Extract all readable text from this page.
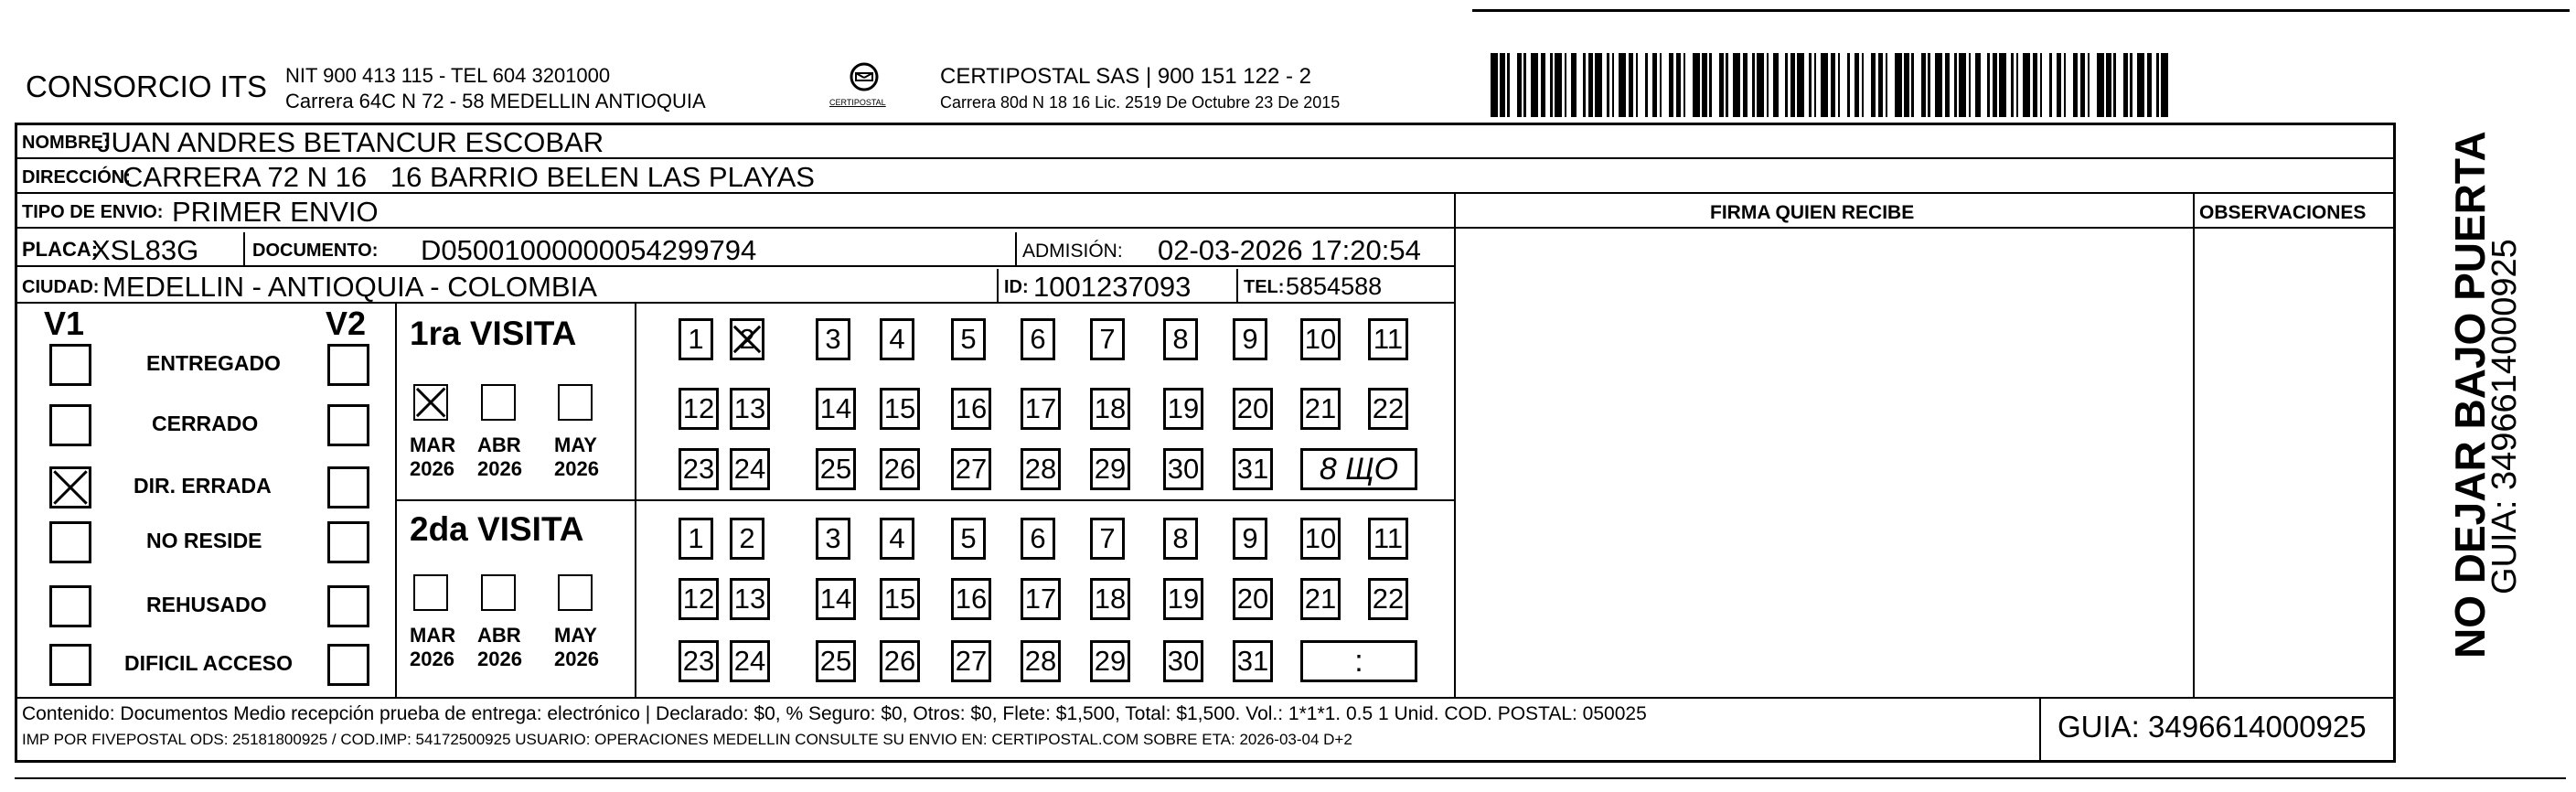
CONSORCIO ITS NIT 900 413 115 - TEL 604 3201000
Carrera 64C N 72 - 58 MEDELLIN ANTIOQUIA	CERTIPOSTAL
CERTIPOSTAL SAS | 900 151 122 - 2
Carrera 80d N 18 16 Lic. 2519 De Octubre 23 De 2015
NOMBRE:
JUAN ANDRES BETANCUR ESCOBAR
DIRECCIÓN:
CARRERA 72 N 16   16 BARRIO BELEN LAS PLAYAS
TIPO DE ENVIO: PRIMER ENVIO	FIRMA QUIEN RECIBE	OBSERVACIONES
PLACA:
XSL83G	DOCUMENTO: D05001000000054299794	ADMISIÓN: 02-03-2026 17:20:54
CIUDAD: MEDELLIN - ANTIOQUIA - COLOMBIA	ID: 1001237093	TEL: 5854588
V1	V2
Contenido: Documentos Medio recepción prueba de entrega: electrónico | Declarado: $0, % Seguro: $0, Otros: $0, Flete: $1,500, Total: $1,500. Vol.: 1*1*1. 0.5 1 Unid. COD. POSTAL: 050025
IMP POR FIVEPOSTAL ODS: 25181800925 / COD.IMP: 54172500925 USUARIO: OPERACIONES MEDELLIN CONSULTE SU ENVIO EN: CERTIPOSTAL.COM SOBRE ETA: 2026-03-04 D+2	GUIA: 3496614000925
NO DEJAR BAJO PUERTA
GUIA: 3496614000925
ENTREGADO
CERRADO
DIR. ERRADA
NO RESIDE
REHUSADO
DIFICIL ACCESO
1ra VISITA
MAR
2026
ABR
2026
MAY
2026
1	2	3	4	5	6	7	8	9	10 11
12 13 14 15 16 17 18 19 20 21 22
23 24 25 26 27 28 29 30 31	8 ЩО
2da VISITA
MAR
2026
ABR
2026
MAY
2026
1	2	3	4	5	6	7	8	9	10 11
12 13 14 15 16 17 18 19 20 21 22
23 24 25 26 27 28 29 30 31	:
